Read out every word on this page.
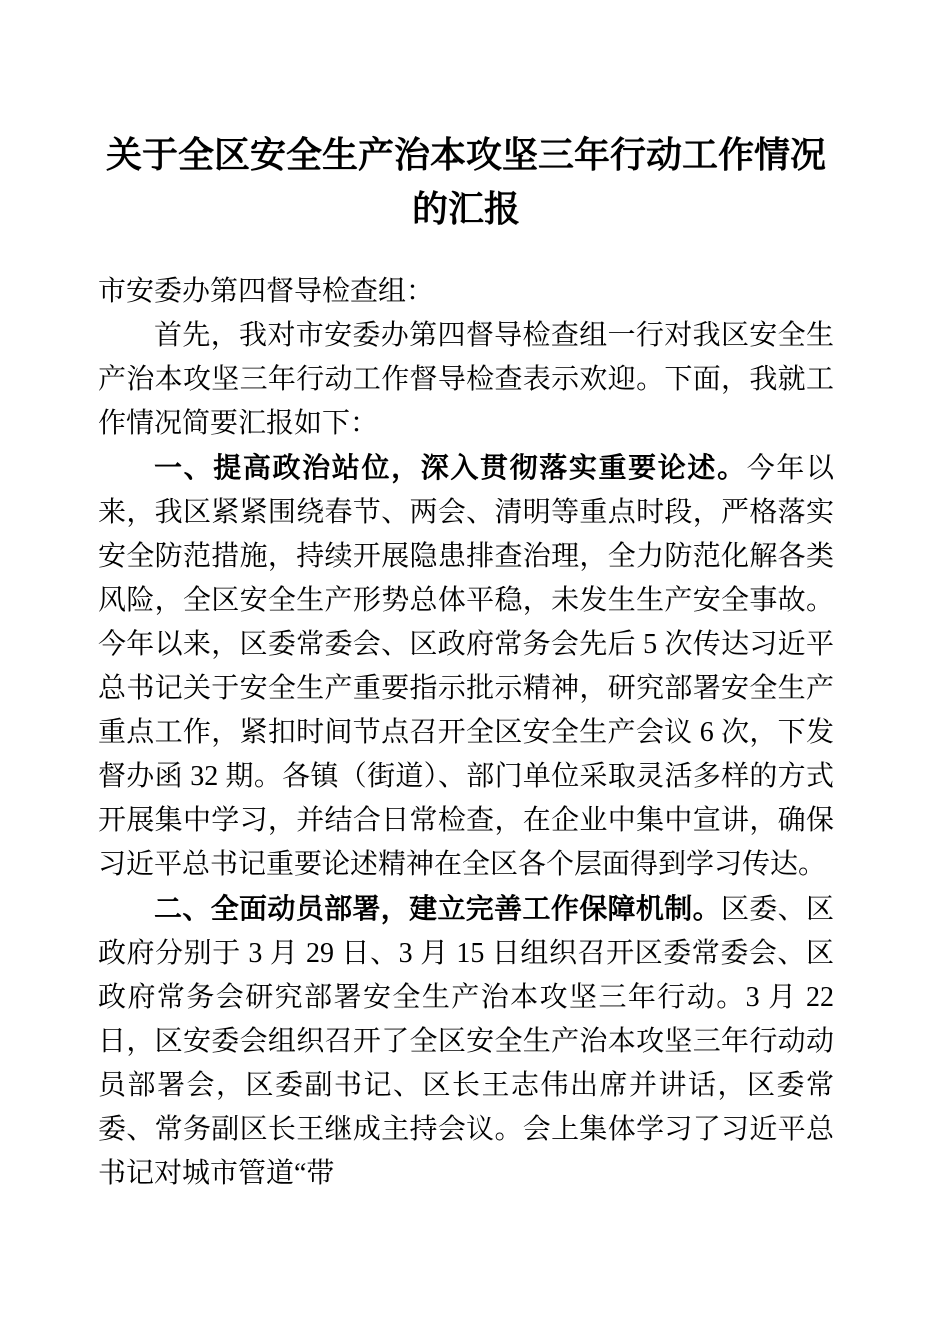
关于全区安全生产治本攻坚三年行动工作情况的汇报

市安委办第四督导检查组：

首先，我对市安委办第四督导检查组一行对我区安全生产治本攻坚三年行动工作督导检查表示欢迎。下面，我就工作情况简要汇报如下：

一、提高政治站位，深入贯彻落实重要论述。今年以来，我区紧紧围绕春节、两会、清明等重点时段，严格落实安全防范措施，持续开展隐患排查治理，全力防范化解各类风险，全区安全生产形势总体平稳，未发生生产安全事故。今年以来，区委常委会、区政府常务会先后 5 次传达习近平总书记关于安全生产重要指示批示精神，研究部署安全生产重点工作，紧扣时间节点召开全区安全生产会议 6 次，下发督办函 32 期。各镇（街道）、部门单位采取灵活多样的方式开展集中学习，并结合日常检查，在企业中集中宣讲，确保习近平总书记重要论述精神在全区各个层面得到学习传达。

二、全面动员部署，建立完善工作保障机制。区委、区政府分别于 3 月 29 日、3 月 15 日组织召开区委常委会、区政府常务会研究部署安全生产治本攻坚三年行动。3 月 22 日，区安委会组织召开了全区安全生产治本攻坚三年行动动员部署会，区委副书记、区长王志伟出席并讲话，区委常委、常务副区长王继成主持会议。会上集体学习了习近平总书记对城市管道“带
